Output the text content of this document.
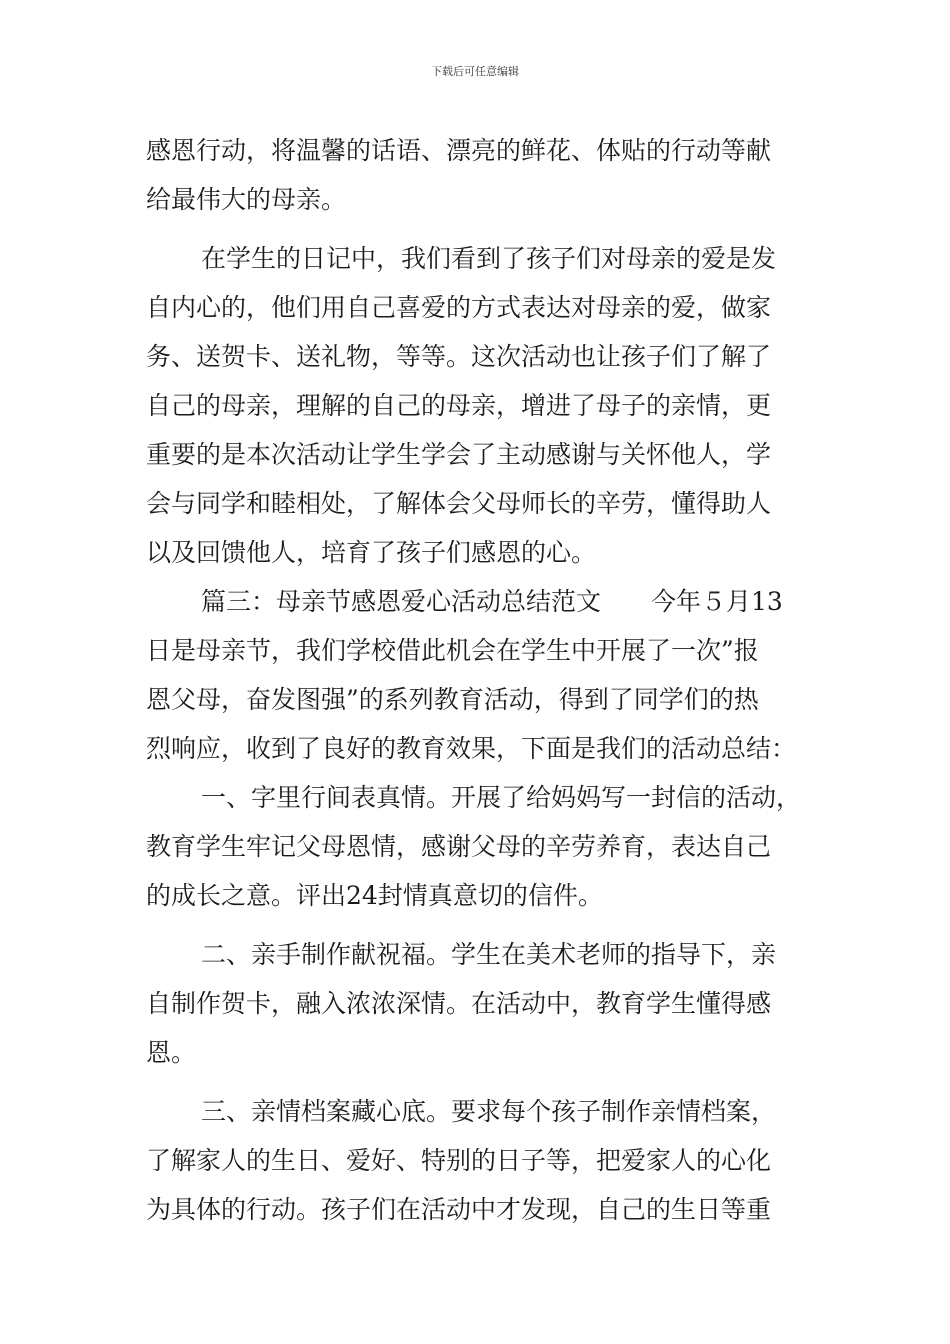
下载后可任意编辑
感恩行动，将温馨的话语、漂亮的鲜花、体贴的行动等献
给最伟大的母亲。
在学生的日记中，我们看到了孩子们对母亲的爱是发
自内心的，他们用自己喜爱的方式表达对母亲的爱，做家
务、送贺卡、送礼物，等等。这次活动也让孩子们了解了
自己的母亲，理解的自己的母亲，增进了母子的亲情，更
重要的是本次活动让学生学会了主动感谢与关怀他人，学
会与同学和睦相处，了解体会父母师长的辛劳，懂得助人
以及回馈他人，培育了孩子们感恩的心。
篇三：母亲节感恩爱心活动总结范文　　今年５月13
日是母亲节，我们学校借此机会在学生中开展了一次”报
恩父母，奋发图强”的系列教育活动，得到了同学们的热
烈响应，收到了良好的教育效果，下面是我们的活动总结：
一、字里行间表真情。开展了给妈妈写一封信的活动，
教育学生牢记父母恩情，感谢父母的辛劳养育，表达自己
的成长之意。评出24封情真意切的信件。
二、亲手制作献祝福。学生在美术老师的指导下，亲
自制作贺卡，融入浓浓深情。在活动中，教育学生懂得感
恩。
三、亲情档案藏心底。要求每个孩子制作亲情档案，
了解家人的生日、爱好、特别的日子等，把爱家人的心化
为具体的行动。孩子们在活动中才发现，自己的生日等重
